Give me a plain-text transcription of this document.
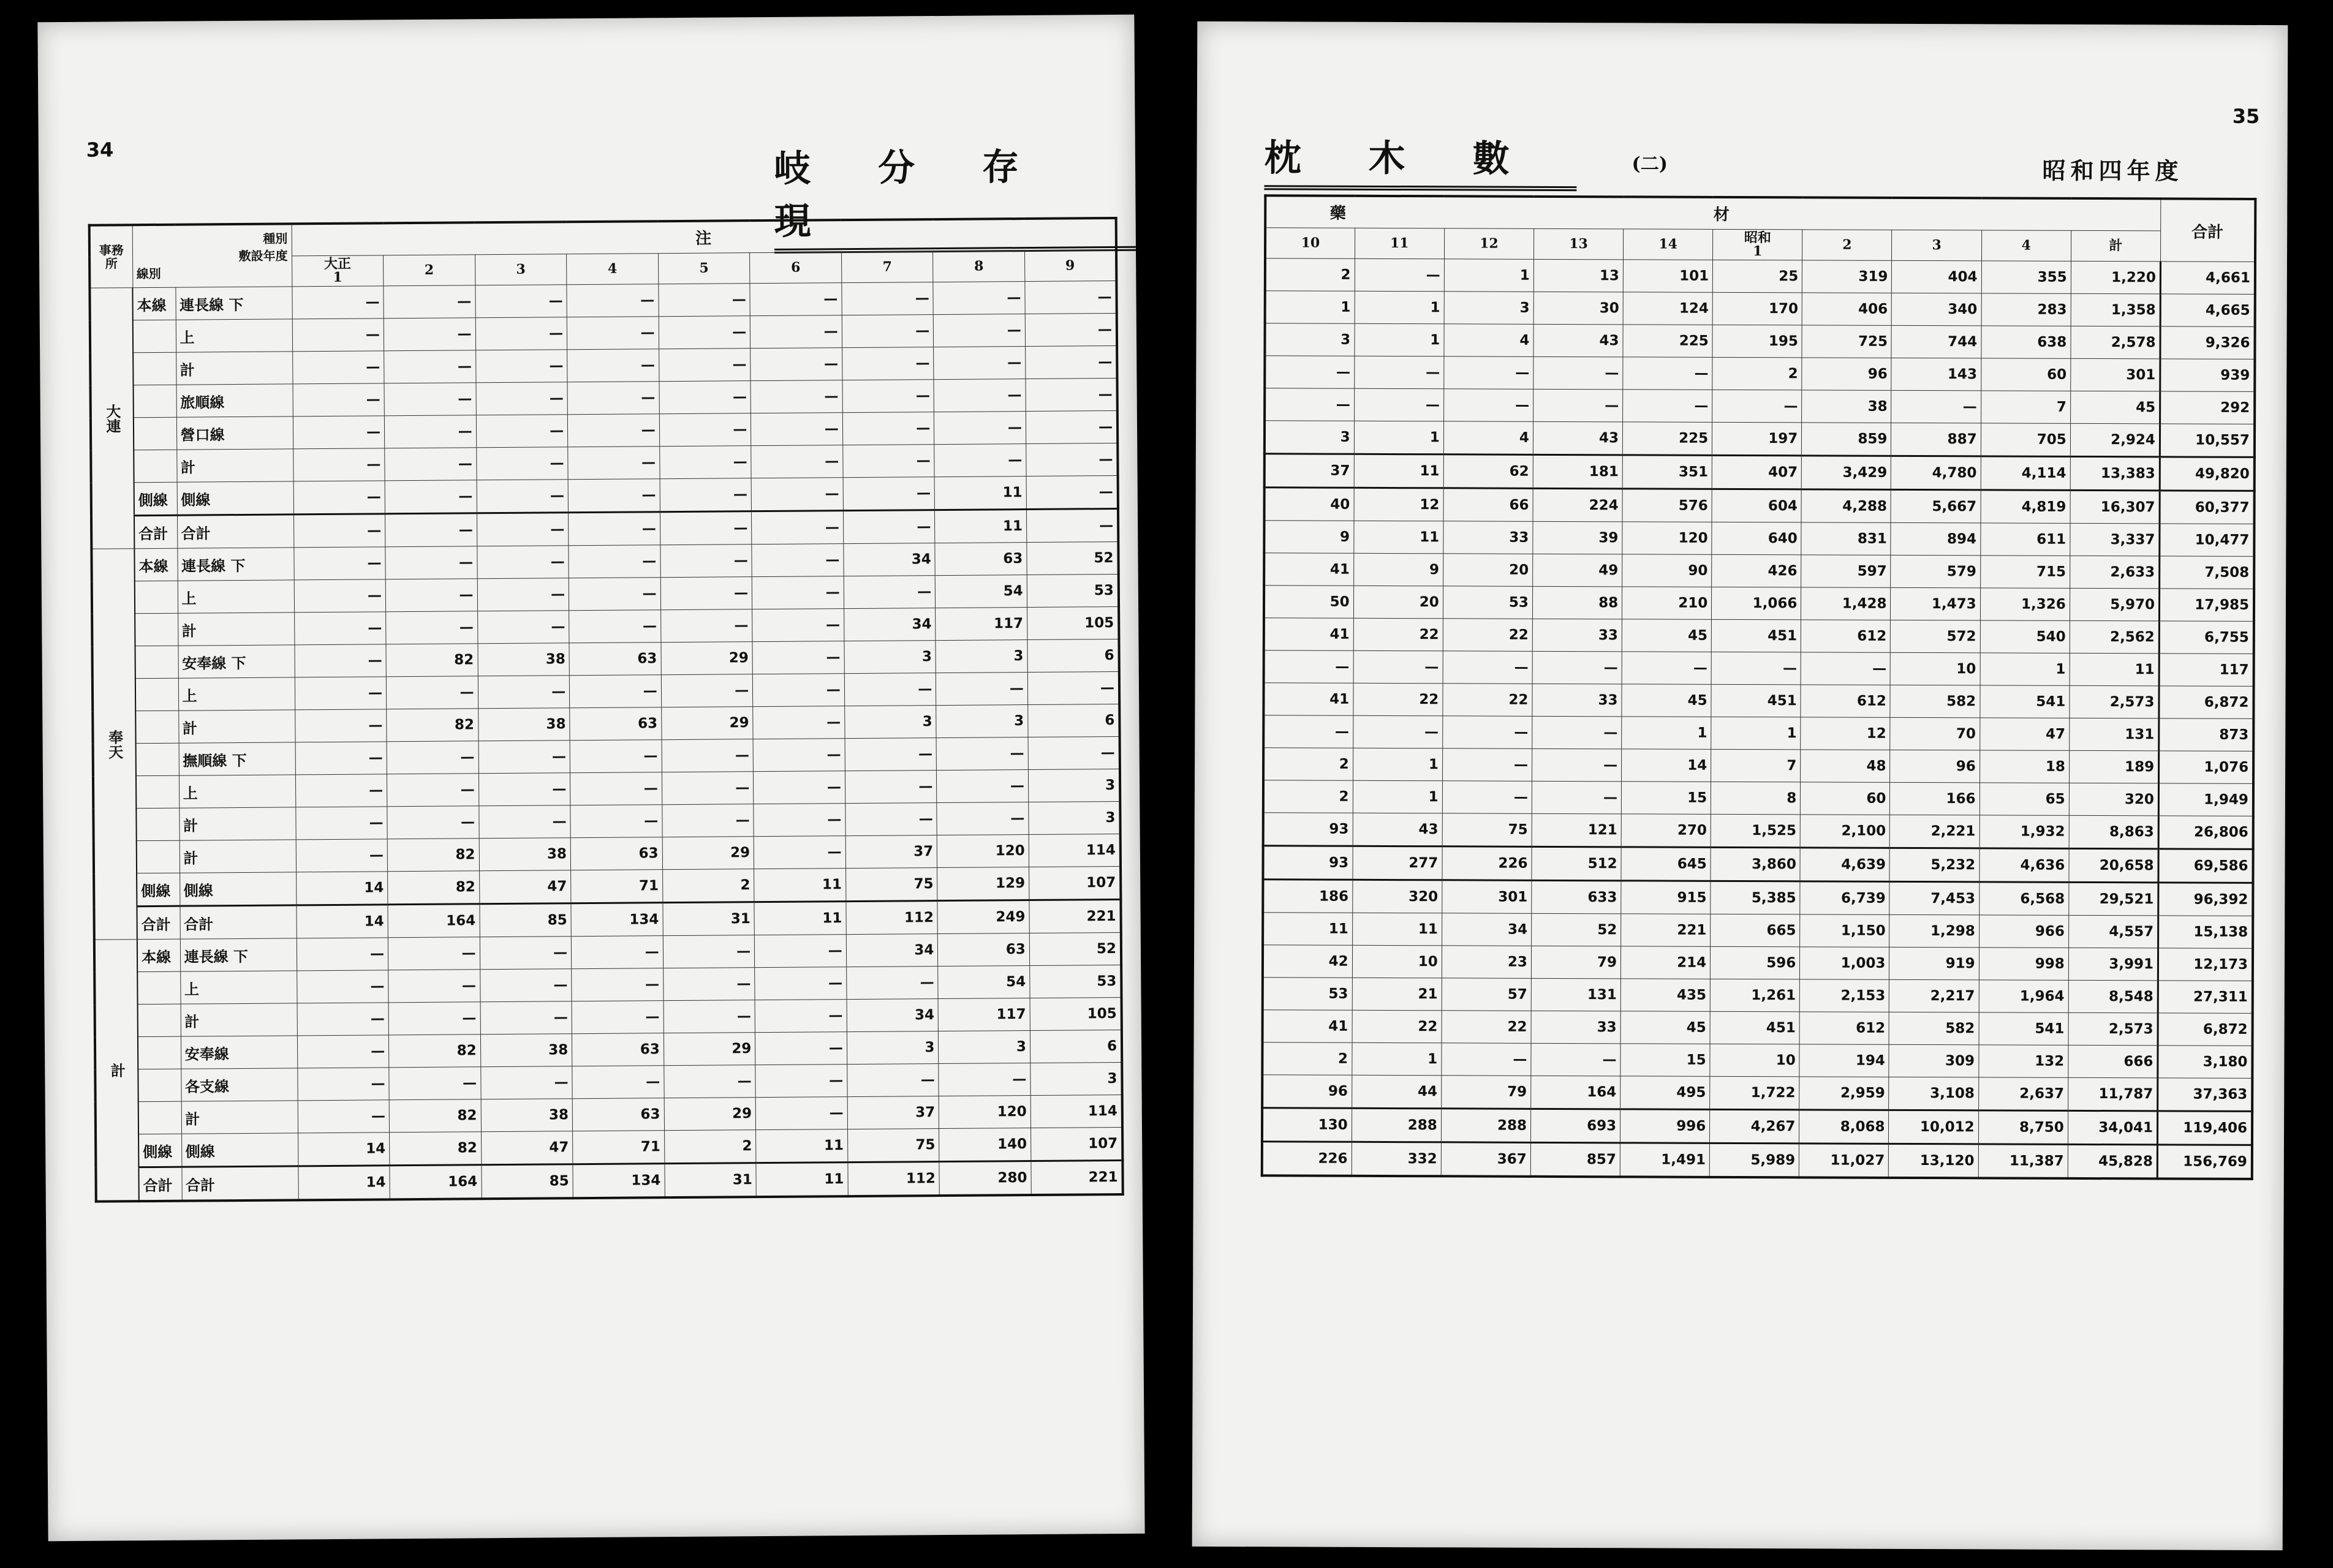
34	岐分存現
事務所	種別
敷設年度
線別		注								
			大正
1	2	3	4	5	6	7	8	9
大連	本線	連長線 下	—	—	—	—	—	—	—	—	—
		上	—	—	—	—	—	—	—	—	—
		計	—	—	—	—	—	—	—	—	—
		旅順線	—	—	—	—	—	—	—	—	—
		營口線	—	—	—	—	—	—	—	—	—
		計	—	—	—	—	—	—	—	—	—
	側線	側線	—	—	—	—	—	—	—	11	—
	合計	合計	—	—	—	—	—	—	—	11	—
奉天	本線	連長線 下	—	—	—	—	—	—	34	63	52
		上	—	—	—	—	—	—	—	54	53
		計	—	—	—	—	—	—	34	117	105
		安奉線 下	—	82	38	63	29	—	3	3	6
		上	—	—	—	—	—	—	—	—	—
		計	—	82	38	63	29	—	3	3	6
		撫順線 下	—	—	—	—	—	—	—	—	—
		上	—	—	—	—	—	—	—	—	3
		計	—	—	—	—	—	—	—	—	3
		計	—	82	38	63	29	—	37	120	114
	側線	側線	14	82	47	71	2	11	75	129	107
	合計	合計	14	164	85	134	31	11	112	249	221
計	本線	連長線 下	—	—	—	—	—	—	34	63	52
		上	—	—	—	—	—	—	—	54	53
		計	—	—	—	—	—	—	34	117	105
		安奉線	—	82	38	63	29	—	3	3	6
		各支線	—	—	—	—	—	—	—	—	3
		計	—	82	38	63	29	—	37	120	114
	側線	側線	14	82	47	71	2	11	75	140	107
	合計	合計	14	164	85	134	31	11	112	280	221
35
枕木數	(二)	昭和四年度
藥材										合計
10	11	12	13	14	昭和
1	2	3	4	計	
2	—	1	13	101	25	319	404	355	1,220	4,661
1	1	3	30	124	170	406	340	283	1,358	4,665
3	1	4	43	225	195	725	744	638	2,578	9,326
—	—	—	—	—	2	96	143	60	301	939
—	—	—	—	—	—	38	—	7	45	292
3	1	4	43	225	197	859	887	705	2,924	10,557
37	11	62	181	351	407	3,429	4,780	4,114	13,383	49,820
40	12	66	224	576	604	4,288	5,667	4,819	16,307	60,377
9	11	33	39	120	640	831	894	611	3,337	10,477
41	9	20	49	90	426	597	579	715	2,633	7,508
50	20	53	88	210	1,066	1,428	1,473	1,326	5,970	17,985
41	22	22	33	45	451	612	572	540	2,562	6,755
—	—	—	—	—	—	—	10	1	11	117
41	22	22	33	45	451	612	582	541	2,573	6,872
—	—	—	—	1	1	12	70	47	131	873
2	1	—	—	14	7	48	96	18	189	1,076
2	1	—	—	15	8	60	166	65	320	1,949
93	43	75	121	270	1,525	2,100	2,221	1,932	8,863	26,806
93	277	226	512	645	3,860	4,639	5,232	4,636	20,658	69,586
186	320	301	633	915	5,385	6,739	7,453	6,568	29,521	96,392
11	11	34	52	221	665	1,150	1,298	966	4,557	15,138
42	10	23	79	214	596	1,003	919	998	3,991	12,173
53	21	57	131	435	1,261	2,153	2,217	1,964	8,548	27,311
41	22	22	33	45	451	612	582	541	2,573	6,872
2	1	—	—	15	10	194	309	132	666	3,180
96	44	79	164	495	1,722	2,959	3,108	2,637	11,787	37,363
130	288	288	693	996	4,267	8,068	10,012	8,750	34,041	119,406
226	332	367	857	1,491	5,989	11,027	13,120	11,387	45,828	156,769
